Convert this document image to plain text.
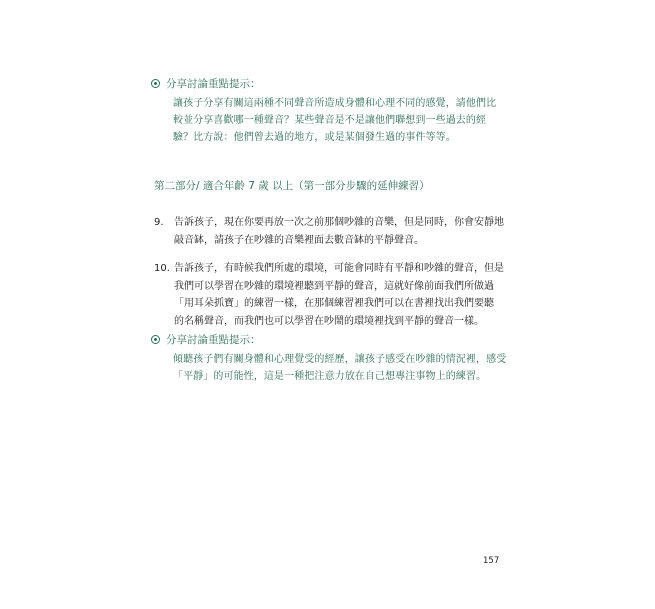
分享討論重點提示：
讓孩子分享有關這兩種不同聲音所造成身體和心理不同的感覺，請他們比
較並分享喜歡哪一種聲音？某些聲音是不是讓他們聯想到一些過去的經
驗？比方說：他們曾去過的地方，或是某個發生過的事件等等。
第二部分/ 適合年齡 7 歲 以上（第一部分步驟的延伸練習）
9. 告訴孩子，現在你要再放一次之前那個吵雜的音樂，但是同時，你會安靜地
敲音缽，請孩子在吵雜的音樂裡面去數音缽的平靜聲音。
10. 告訴孩子，有時候我們所處的環境，可能會同時有平靜和吵雜的聲音，但是
我們可以學習在吵雜的環境裡聽到平靜的聲音，這就好像前面我們所做過
「用耳朵抓寶」的練習一樣，在那個練習裡我們可以在書裡找出我們要聽
的名稱聲音，而我們也可以學習在吵鬧的環境裡找到平靜的聲音一樣。
分享討論重點提示：
傾聽孩子們有關身體和心理覺受的經歷，讓孩子感受在吵雜的情況裡，感受
「平靜」的可能性，這是一種把注意力放在自己想專注事物上的練習。
157
